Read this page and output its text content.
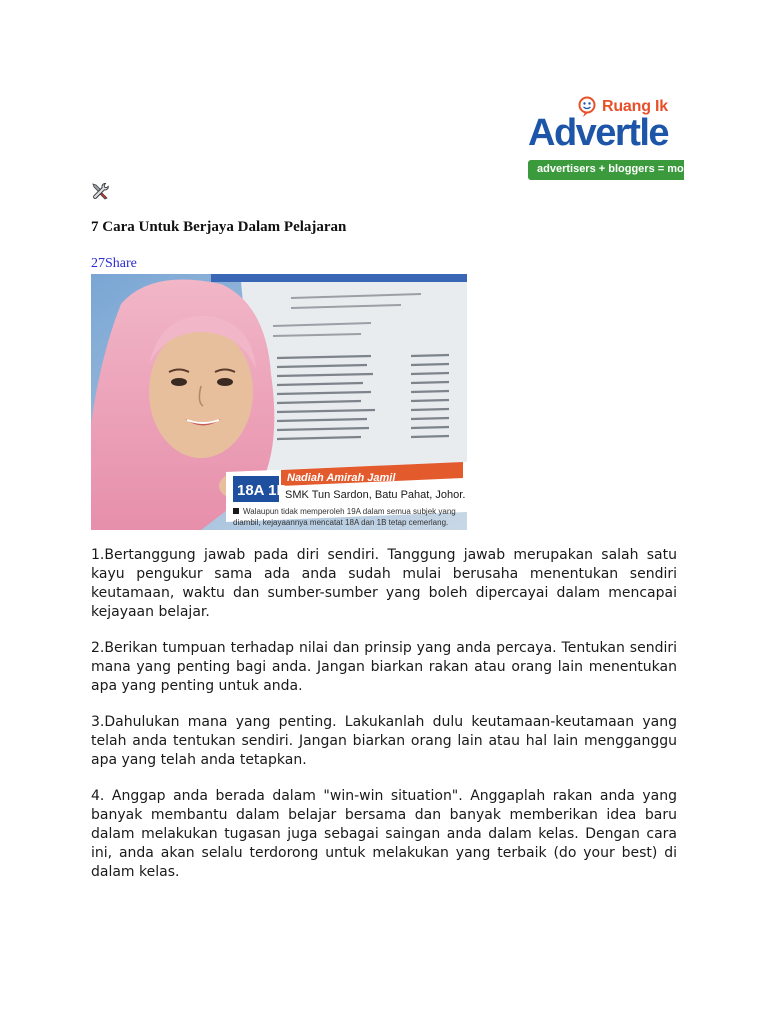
Ruang Ik
Advertle
advertisers + bloggers = mo
7 Cara Untuk Berjaya Dalam Pelajaran
27Share
18A 1B
Nadiah Amirah Jamil
SMK Tun Sardon, Batu Pahat, Johor.
Walaupun tidak memperoleh 19A dalam semua subjek yang
diambil, kejayaannya mencatat 18A dan 1B tetap cemerlang.

1.Bertanggung jawab pada diri sendiri. Tanggung jawab merupakan salah satu kayu pengukur sama ada anda sudah mulai berusaha menentukan sendiri keutamaan, waktu dan sumber-sumber yang boleh dipercayai dalam mencapai kejayaan belajar.

2.Berikan tumpuan terhadap nilai dan prinsip yang anda percaya. Tentukan sendiri mana yang penting bagi anda. Jangan biarkan rakan atau orang lain menentukan apa yang penting untuk anda.

3.Dahulukan mana yang penting. Lakukanlah dulu keutamaan-keutamaan yang telah anda tentukan sendiri. Jangan biarkan orang lain atau hal lain mengganggu apa yang telah anda tetapkan.

4. Anggap anda berada dalam "win-win situation". Anggaplah rakan anda yang banyak membantu dalam belajar bersama dan banyak memberikan idea baru dalam melakukan tugasan juga sebagai saingan anda dalam kelas. Dengan cara ini, anda akan selalu terdorong untuk melakukan yang terbaik (do your best) di dalam kelas.
